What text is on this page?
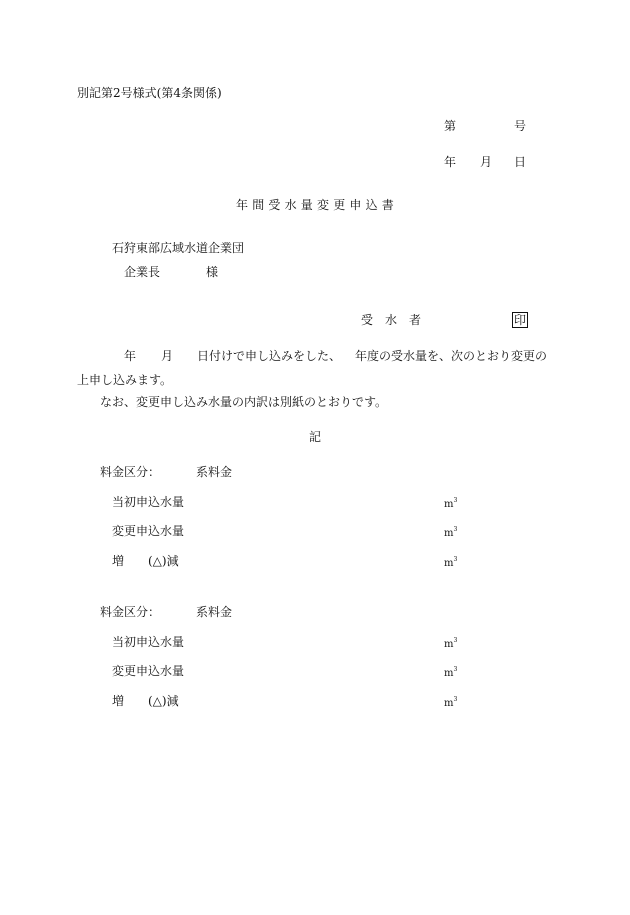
別記第2号様式(第4条関係)
第	号
年 月 日
年間受水量変更申込書
石狩東部広域水道企業団
企業長	様
受　水　者	印
年 月 日付けで申し込みをした、 年度の受水量を、次のとおり変更の
上申し込みます。
なお、変更申し込み水量の内訳は別紙のとおりです。
記
料金区分：	系料金
当初申込水量	$m^3$
変更申込水量	$m^3$
増 (△)減	$m^3$
料金区分：	系料金
当初申込水量	$m^3$
変更申込水量	$m^3$
増 (△)減	$m^3$
